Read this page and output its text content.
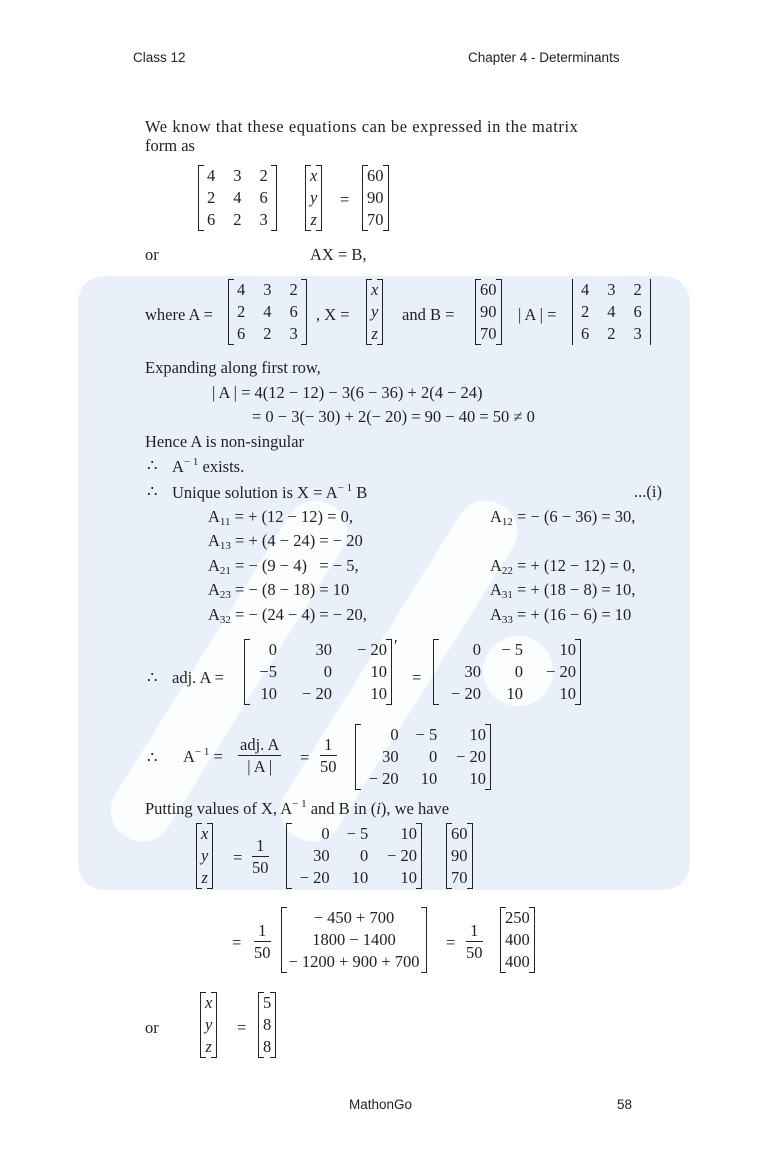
Class 12	Chapter 4 - Determinants
We know that these equations can be expressed in the matrix
form as
4	3	2
2	4	6
6	2	3
x
y
z
=
60
90
70
or	AX = B,
where A =
4	3	2
2	4	6
6	2	3
, X =
x
y
z
and B =
60
90
70
| A | =
4	3	2
2	4	6
6	2	3
Expanding along first row,
| A | = 4(12 − 12) − 3(6 − 36) + 2(4 − 24)
= 0 − 3(− 30) + 2(− 20) = 90 − 40 = 50 ≠ 0
Hence A is non-singular
∴ $A^{- 1}$ exists.
∴ Unique solution is $X = A^{- 1}$ B	...(i)
$A_{11}$ = + (12 − 12) = 0,	$A_{12}$ = − (6 − 36) = 30,
$A_{13}$ = + (4 − 24) = − 20
$A_{21}$ = − (9 − 4)   = − 5,	$A_{22}$ = + (12 − 12) = 0,
$A_{23}$ = − (8 − 18) = 10	$A_{31}$ = + (18 − 8) = 10,
$A_{32}$ = − (24 − 4) = − 20,	$A_{33}$ = + (16 − 6) = 10
∴ adj. A =
0	30	− 20
−5	0	10
10	− 20	10
′
=
0	− 5	10
30	0	− 20
− 20	10	10
∴ $A^{- 1}$ =
adj. A
| A |	= $\frac{1}{50}$
0	− 5	10
30	0	− 20
− 20	10	10
Putting values of X, $A^{- 1}$ and B in (i), we have
x
y
z
= $\frac{1}{50}$
0	− 5	10
30	0	− 20
− 20	10	10
60
90
70
= $\frac{1}{50}$
− 450 + 700
1800 − 1400
− 1200 + 900 + 700
= $\frac{1}{50}$
250
400
400
or
x
y
z
=
5
8
8
MathonGo	58
